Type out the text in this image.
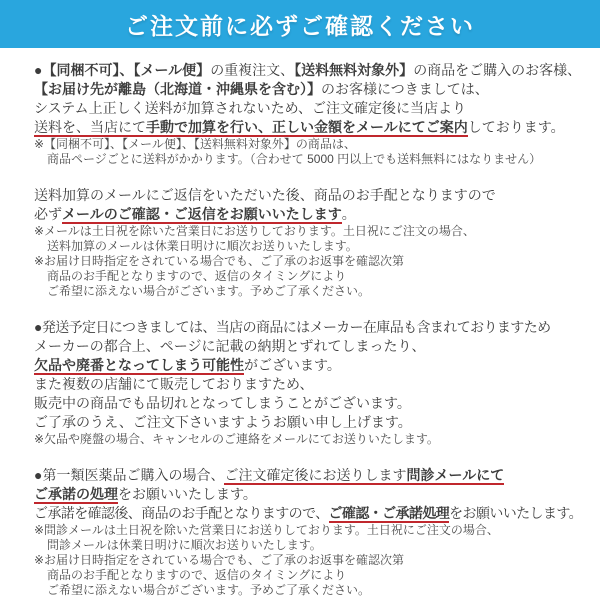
ご注文前に必ずご確認ください
●【同梱不可】、【メール便】の重複注文、【送料無料対象外】の商品をご購入のお客様、
【お届け先が離島（北海道・沖縄県を含む）】のお客様につきましては、
システム上正しく送料が加算されないため、ご注文確定後に当店より
送料を、当店にて手動で加算を行い、正しい金額をメールにてご案内しております。
※【同梱不可】、【メール便】、【送料無料対象外】の商品は、
商品ページごとに送料がかかります。（合わせて 5000 円以上でも送料無料にはなりません）
送料加算のメールにご返信をいただいた後、商品のお手配となりますので
必ずメールのご確認・ご返信をお願いいたします。
※メールは土日祝を除いた営業日にお送りしております。土日祝にご注文の場合、
送料加算のメールは休業日明けに順次お送りいたします。
※お届け日時指定をされている場合でも、ご了承のお返事を確認次第
商品のお手配となりますので、返信のタイミングにより
ご希望に添えない場合がございます。予めご了承ください。
●発送予定日につきましては、当店の商品にはメーカー在庫品も含まれておりますため
メーカーの都合上、ページに記載の納期とずれてしまったり、
欠品や廃番となってしまう可能性がございます。
また複数の店舗にて販売しておりますため、
販売中の商品でも品切れとなってしまうことがございます。
ご了承のうえ、ご注文下さいますようお願い申し上げます。
※欠品や廃盤の場合、キャンセルのご連絡をメールにてお送りいたします。
●第一類医薬品ご購入の場合、ご注文確定後にお送りします問診メールにて
ご承諾の処理をお願いいたします。
ご承諾を確認後、商品のお手配となりますので、ご確認・ご承諾処理をお願いいたします。
※問診メールは土日祝を除いた営業日にお送りしております。土日祝にご注文の場合、
問診メールは休業日明けに順次お送りいたします。
※お届け日時指定をされている場合でも、ご了承のお返事を確認次第
商品のお手配となりますので、返信のタイミングにより
ご希望に添えない場合がございます。予めご了承ください。
